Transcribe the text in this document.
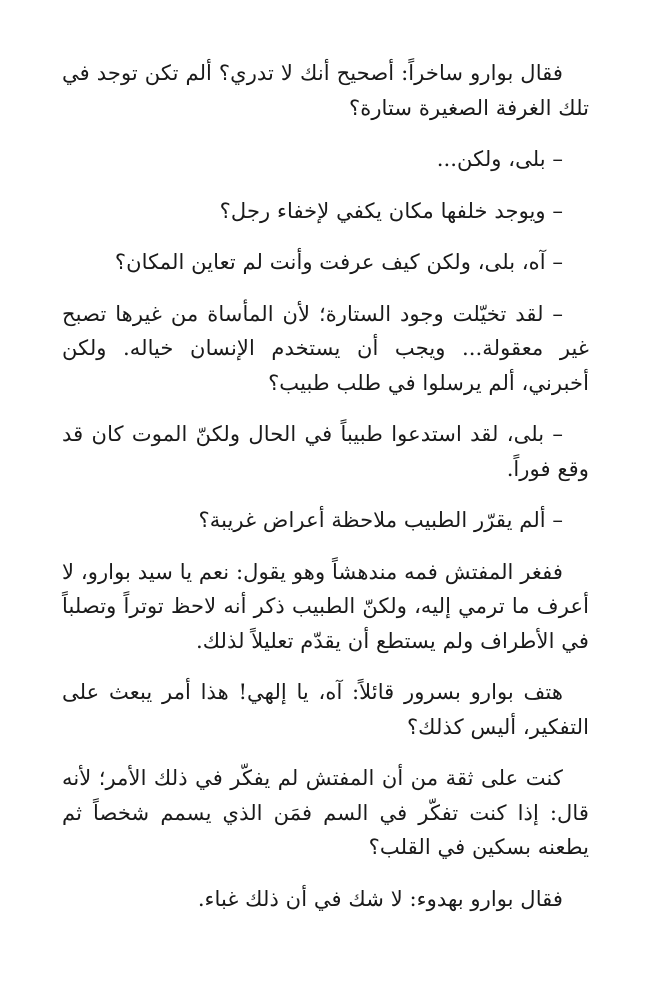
فقال بوارو ساخراً: أصحيح أنك لا تدري؟ ألم تكن توجد في تلك الغرفة الصغيرة ستارة؟

– بلى، ولكن...

– ويوجد خلفها مكان يكفي لإخفاء رجل؟

– آه، بلى، ولكن كيف عرفت وأنت لم تعاين المكان؟

– لقد تخيّلت وجود الستارة؛ لأن المأساة من غيرها تصبح غير معقولة... ويجب أن يستخدم الإنسان خياله. ولكن أخبرني، ألم يرسلوا في طلب طبيب؟

– بلى، لقد استدعوا طبيباً في الحال ولكنّ الموت كان قد وقع فوراً.

– ألم يقرّر الطبيب ملاحظة أعراض غريبة؟

ففغر المفتش فمه مندهشاً وهو يقول: نعم يا سيد بوارو، لا أعرف ما ترمي إليه، ولكنّ الطبيب ذكر أنه لاحظ توتراً وتصلباً في الأطراف ولم يستطع أن يقدّم تعليلاً لذلك.

هتف بوارو بسرور قائلاً: آه، يا إلهي! هذا أمر يبعث على التفكير، أليس كذلك؟

كنت على ثقة من أن المفتش لم يفكّر في ذلك الأمر؛ لأنه قال: إذا كنت تفكّر في السم فمَن الذي يسمم شخصاً ثم يطعنه بسكين في القلب؟

فقال بوارو بهدوء: لا شك في أن ذلك غباء.
